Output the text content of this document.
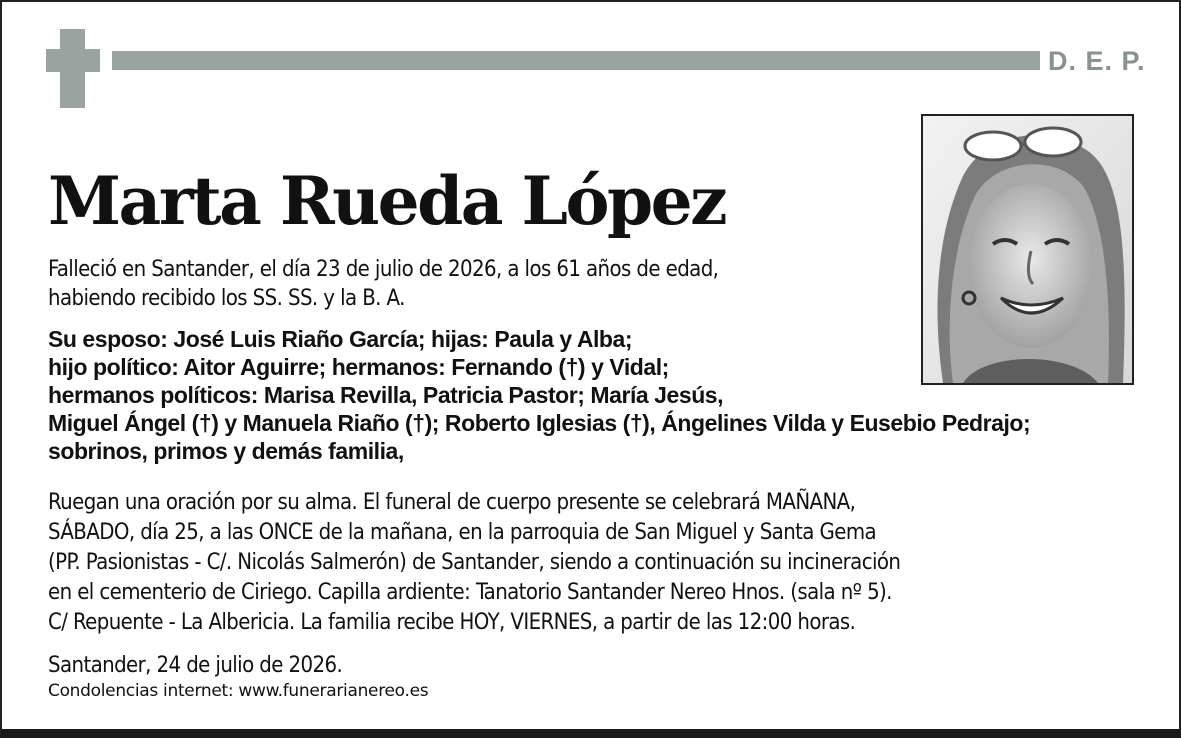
D. E. P.
Marta Rueda López
Falleció en Santander, el día 23 de julio de 2026, a los 61 años de edad,
habiendo recibido los SS. SS. y la B. A.
Su esposo: José Luis Riaño García; hijas: Paula y Alba;
hijo político: Aitor Aguirre; hermanos: Fernando (†) y Vidal;
hermanos políticos: Marisa Revilla, Patricia Pastor; María Jesús,
Miguel Ángel (†) y Manuela Riaño (†); Roberto Iglesias (†), Ángelines Vilda y Eusebio Pedrajo;
sobrinos, primos y demás familia,
Ruegan una oración por su alma. El funeral de cuerpo presente se celebrará MAÑANA,
SÁBADO, día 25, a las ONCE de la mañana, en la parroquia de San Miguel y Santa Gema
(PP. Pasionistas - C/. Nicolás Salmerón) de Santander, siendo a continuación su incineración
en el cementerio de Ciriego. Capilla ardiente: Tanatorio Santander Nereo Hnos. (sala nº 5).
C/ Repuente - La Albericia. La familia recibe HOY, VIERNES, a partir de las 12:00 horas.
Santander, 24 de julio de 2026.
Condolencias internet: www.funerarianereo.es
